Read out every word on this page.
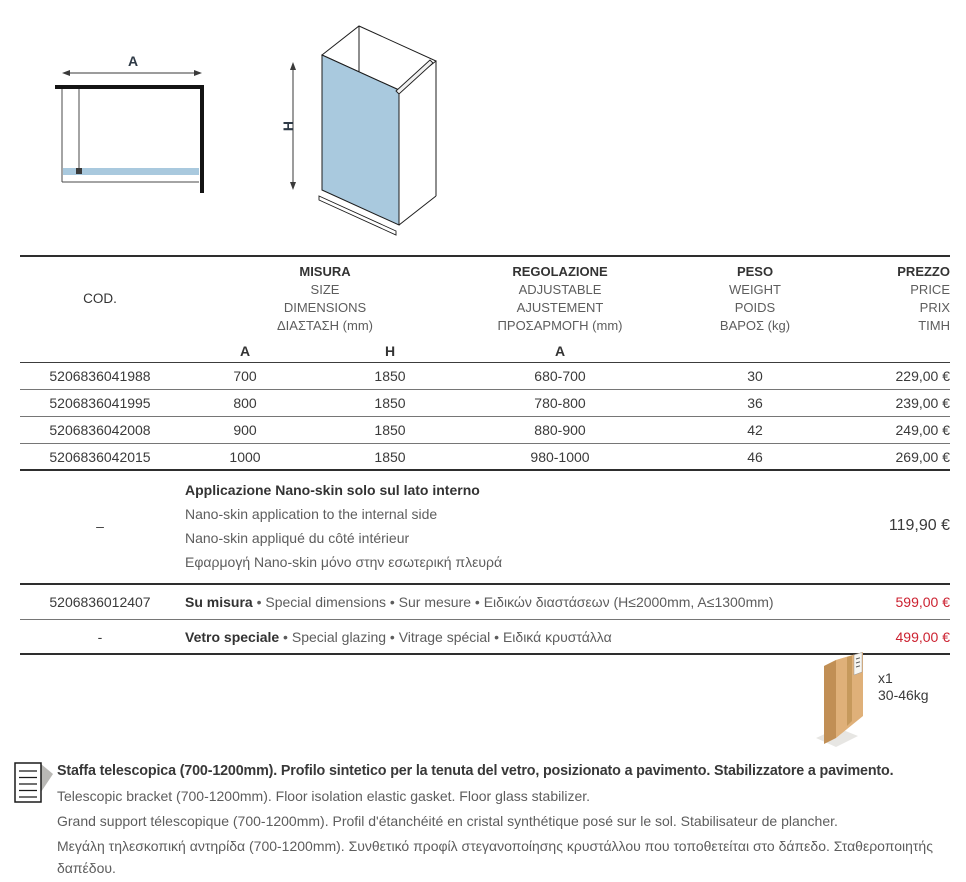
A
H
COD.
MISURA
SIZE
DIMENSIONS
ΔΙΑΣΤΑΣΗ (mm)
REGOLAZIONE
ADJUSTABLE
AJUSTEMENT
ΠΡΟΣΑΡΜΟΓΗ (mm)
PESO
WEIGHT
POIDS
ΒΑΡΟΣ (kg)
PREZZO
PRICE
PRIX
ΤΙΜΗ
A	H	A
5206836041988	700	1850	680-700	30	229,00 €
5206836041995	800	1850	780-800	36	239,00 €
5206836042008	900	1850	880-900	42	249,00 €
5206836042015	1000	1850	980-1000	46	269,00 €
–
Applicazione Nano-skin solo sul lato interno
Nano-skin application to the internal side
Nano-skin appliqué du côté intérieur
Εφαρμογή Nano-skin μόνο στην εσωτερική πλευρά
119,90 €
5206836012407	Su misura • Special dimensions • Sur mesure • Ειδικών διαστάσεων (H≤2000mm, A≤1300mm)	599,00 €
-	Vetro speciale • Special glazing • Vitrage spécial • Ειδικά κρυστάλλα	499,00 €
x1
30-46kg

Staffa telescopica (700-1200mm). Profilo sintetico per la tenuta del vetro, posizionato a pavimento. Stabilizzatore a pavimento.

Telescopic bracket (700-1200mm). Floor isolation elastic gasket. Floor glass stabilizer.

Grand support télescopique (700-1200mm). Profil d'étanchéité en cristal synthétique posé sur le sol. Stabilisateur de plancher.

Μεγάλη τηλεσκοπική αντηρίδα (700-1200mm). Συνθετικό προφίλ στεγανοποίησης κρυστάλλου που τοποθετείται στο δάπεδο. Σταθεροποιητής δαπέδου.
